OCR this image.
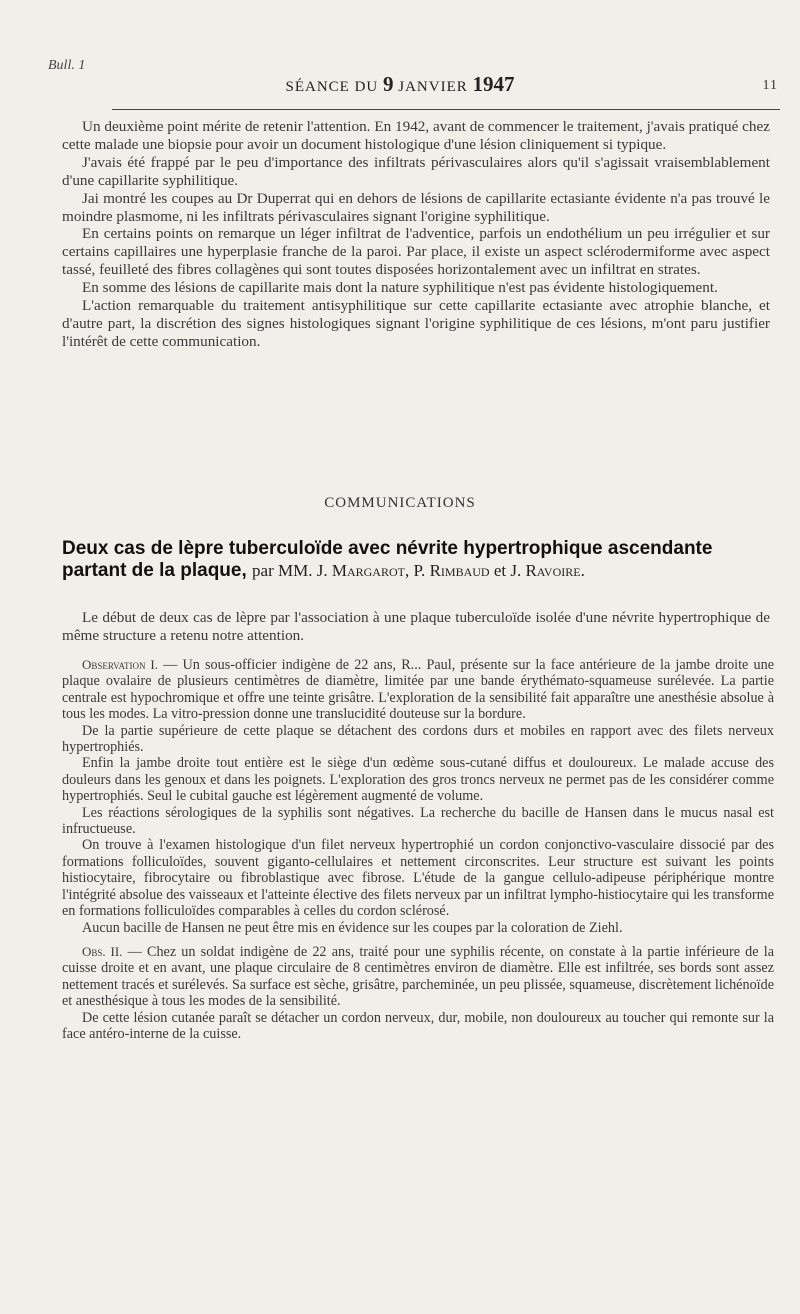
Bull. 1
SÉANCE DU 9 JANVIER 1947	11

Un deuxième point mérite de retenir l'attention. En 1942, avant de commencer le traitement, j'avais pratiqué chez cette malade une biopsie pour avoir un document histologique d'une lésion cliniquement si typique.

J'avais été frappé par le peu d'importance des infiltrats périvasculaires alors qu'il s'agissait vraisemblablement d'une capillarite syphilitique.

Jai montré les coupes au Dr Duperrat qui en dehors de lésions de capillarite ectasiante évidente n'a pas trouvé le moindre plasmome, ni les infiltrats périvasculaires signant l'origine syphilitique.

En certains points on remarque un léger infiltrat de l'adventice, parfois un endothélium un peu irrégulier et sur certains capillaires une hyperplasie franche de la paroi. Par place, il existe un aspect sclérodermiforme avec aspect tassé, feuilleté des fibres collagènes qui sont toutes disposées horizontalement avec un infiltrat en strates.

En somme des lésions de capillarite mais dont la nature syphilitique n'est pas évidente histologiquement.

L'action remarquable du traitement antisyphilitique sur cette capillarite ectasiante avec atrophie blanche, et d'autre part, la discrétion des signes histologiques signant l'origine syphilitique de ces lésions, m'ont paru justifier l'intérêt de cette communication.

COMMUNICATIONS
Deux cas de lèpre tuberculoïde avec névrite hypertrophique ascendante partant de la plaque, par MM. J. Margarot, P. Rimbaud et J. Ravoire.

Le début de deux cas de lèpre par l'association à une plaque tuberculoïde isolée d'une névrite hypertrophique de même structure a retenu notre attention.

Observation I. — Un sous-officier indigène de 22 ans, R... Paul, présente sur la face antérieure de la jambe droite une plaque ovalaire de plusieurs centimètres de diamètre, limitée par une bande érythémato-squameuse surélevée. La partie centrale est hypochromique et offre une teinte grisâtre. L'exploration de la sensibilité fait apparaître une anesthésie absolue à tous les modes. La vitro-pression donne une translucidité douteuse sur la bordure.

De la partie supérieure de cette plaque se détachent des cordons durs et mobiles en rapport avec des filets nerveux hypertrophiés.

Enfin la jambe droite tout entière est le siège d'un œdème sous-cutané diffus et douloureux. Le malade accuse des douleurs dans les genoux et dans les poignets. L'exploration des gros troncs nerveux ne permet pas de les considérer comme hypertrophiés. Seul le cubital gauche est légèrement augmenté de volume.

Les réactions sérologiques de la syphilis sont négatives. La recherche du bacille de Hansen dans le mucus nasal est infructueuse.

On trouve à l'examen histologique d'un filet nerveux hypertrophié un cordon conjonctivo-vasculaire dissocié par des formations folliculoïdes, souvent giganto-cellulaires et nettement circonscrites. Leur structure est suivant les points histiocytaire, fibrocytaire ou fibroblastique avec fibrose. L'étude de la gangue cellulo-adipeuse périphérique montre l'intégrité absolue des vaisseaux et l'atteinte élective des filets nerveux par un infiltrat lympho-histiocytaire qui les transforme en formations folliculoïdes comparables à celles du cordon sclérosé.

Aucun bacille de Hansen ne peut être mis en évidence sur les coupes par la coloration de Ziehl.

Obs. II. — Chez un soldat indigène de 22 ans, traité pour une syphilis récente, on constate à la partie inférieure de la cuisse droite et en avant, une plaque circulaire de 8 centimètres environ de diamètre. Elle est infiltrée, ses bords sont assez nettement tracés et surélevés. Sa surface est sèche, grisâtre, parcheminée, un peu plissée, squameuse, discrètement lichénoïde et anesthésique à tous les modes de la sensibilité.

De cette lésion cutanée paraît se détacher un cordon nerveux, dur, mobile, non douloureux au toucher qui remonte sur la face antéro-interne de la cuisse.
